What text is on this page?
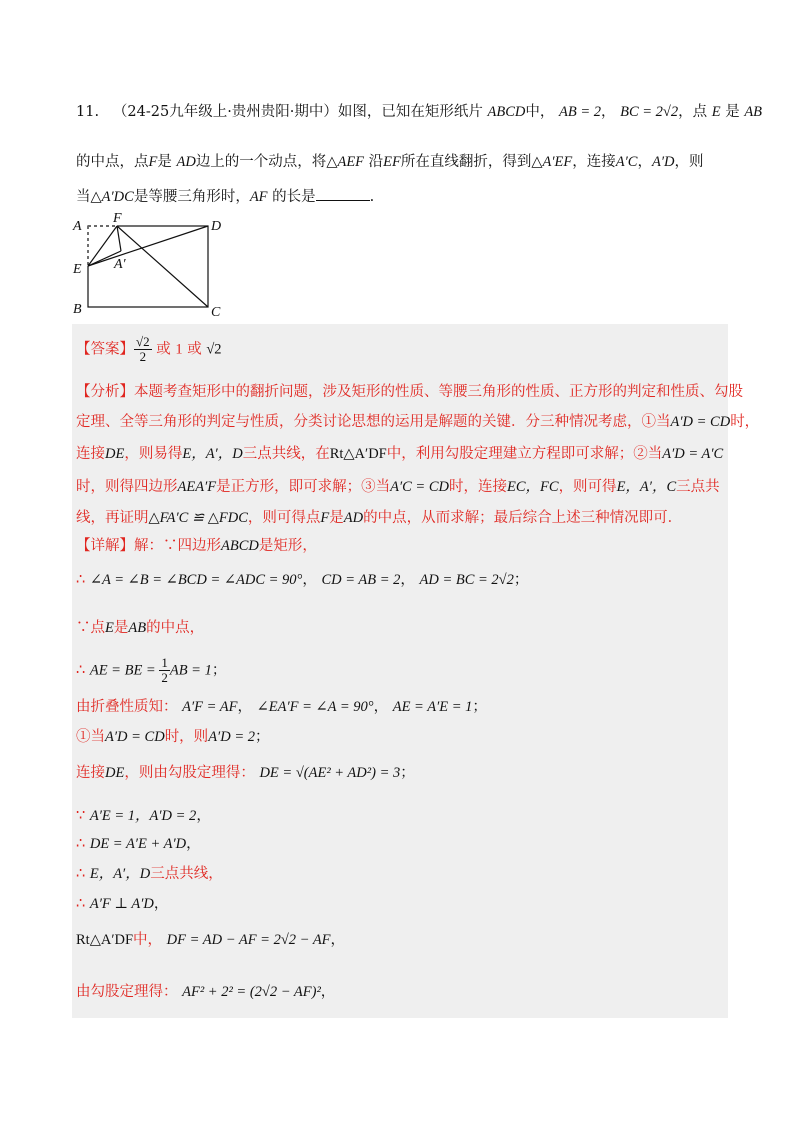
11. （24-25九年级上·贵州贵阳·期中）如图，已知在矩形纸片 ABCD中， AB = 2， BC = 2√2，点 E 是 AB
的中点，点F是 AD边上的一个动点，将△AEF 沿EF所在直线翻折，得到△A′EF，连接A′C，A′D，则
当△A′DC是等腰三角形时，AF 的长是	.
A
F
D
E A′
B	C
【答案】 $\frac{√2}{2}$ 或 1 或 √2
【分析】本题考查矩形中的翻折问题，涉及矩形的性质、等腰三角形的性质、正方形的判定和性质、勾股
定理、全等三角形的判定与性质，分类讨论思想的运用是解题的关键．分三种情况考虑，①当A′D = CD时，
连接DE，则易得E，A′，D三点共线，在Rt△A′DF中，利用勾股定理建立方程即可求解；②当A′D = A′C
时，则得四边形AEA′F是正方形，即可求解；③当A′C = CD时，连接EC，FC，则可得E，A′，C三点共
线，再证明△FA′C ≌ △FDC，则可得点F是AD的中点，从而求解；最后综合上述三种情况即可．
【详解】解：∵四边形ABCD是矩形，
∴ ∠A = ∠B = ∠BCD = ∠ADC = 90°， CD = AB = 2， AD = BC = 2√2；
∵点E是AB的中点，
∴ AE = BE = $\frac{1}{2}$ AB = 1；
由折叠性质知： A′F = AF， ∠EA′F = ∠A = 90°， AE = A′E = 1；
①当A′D = CD时，则A′D = 2；
连接DE，则由勾股定理得： DE = √(AE² + AD²) = 3；
∵ A′E = 1，A′D = 2，
∴ DE = A′E + A′D，
∴ E，A′，D三点共线，
∴ A′F ⊥ A′D，
Rt△A′DF中， DF = AD − AF = 2√2 − AF，
由勾股定理得： AF² + 2² = (2√2 − AF)²，
